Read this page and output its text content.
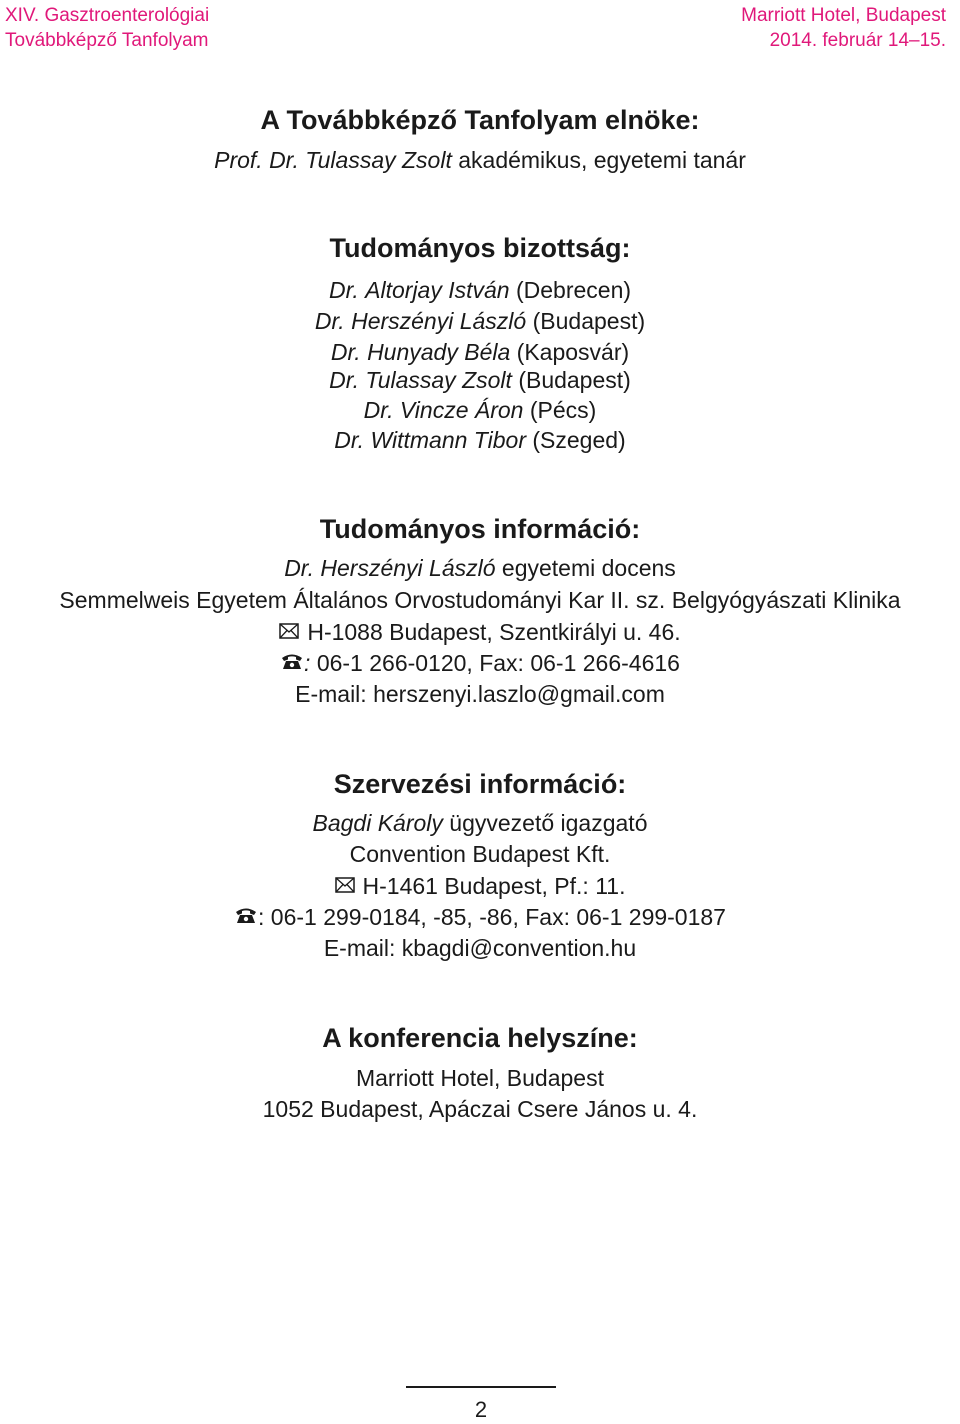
XIV. Gasztroenterológiai
Továbbképző Tanfolyam
Marriott Hotel, Budapest
2014. február 14–15.
A Továbbképző Tanfolyam elnöke:
Prof. Dr. Tulassay Zsolt akadémikus, egyetemi tanár
Tudományos bizottság:
Dr. Altorjay István (Debrecen)
Dr. Herszényi László (Budapest)
Dr. Hunyady Béla (Kaposvár)
Dr. Tulassay Zsolt (Budapest)
Dr. Vincze Áron (Pécs)
Dr. Wittmann Tibor (Szeged)
Tudományos információ:
Dr. Herszényi László egyetemi docens
Semmelweis Egyetem Általános Orvostudományi Kar II. sz. Belgyógyászati Klinika
H-1088 Budapest, Szentkirályi u. 46.
: 06-1 266-0120, Fax: 06-1 266-4616
E-mail: herszenyi.laszlo@gmail.com
Szervezési információ:
Bagdi Károly ügyvezető igazgató
Convention Budapest Kft.
H-1461 Budapest, Pf.: 11.
: 06-1 299-0184, -85, -86, Fax: 06-1 299-0187
E-mail: kbagdi@convention.hu
A konferencia helyszíne:
Marriott Hotel, Budapest
1052 Budapest, Apáczai Csere János u. 4.
2
